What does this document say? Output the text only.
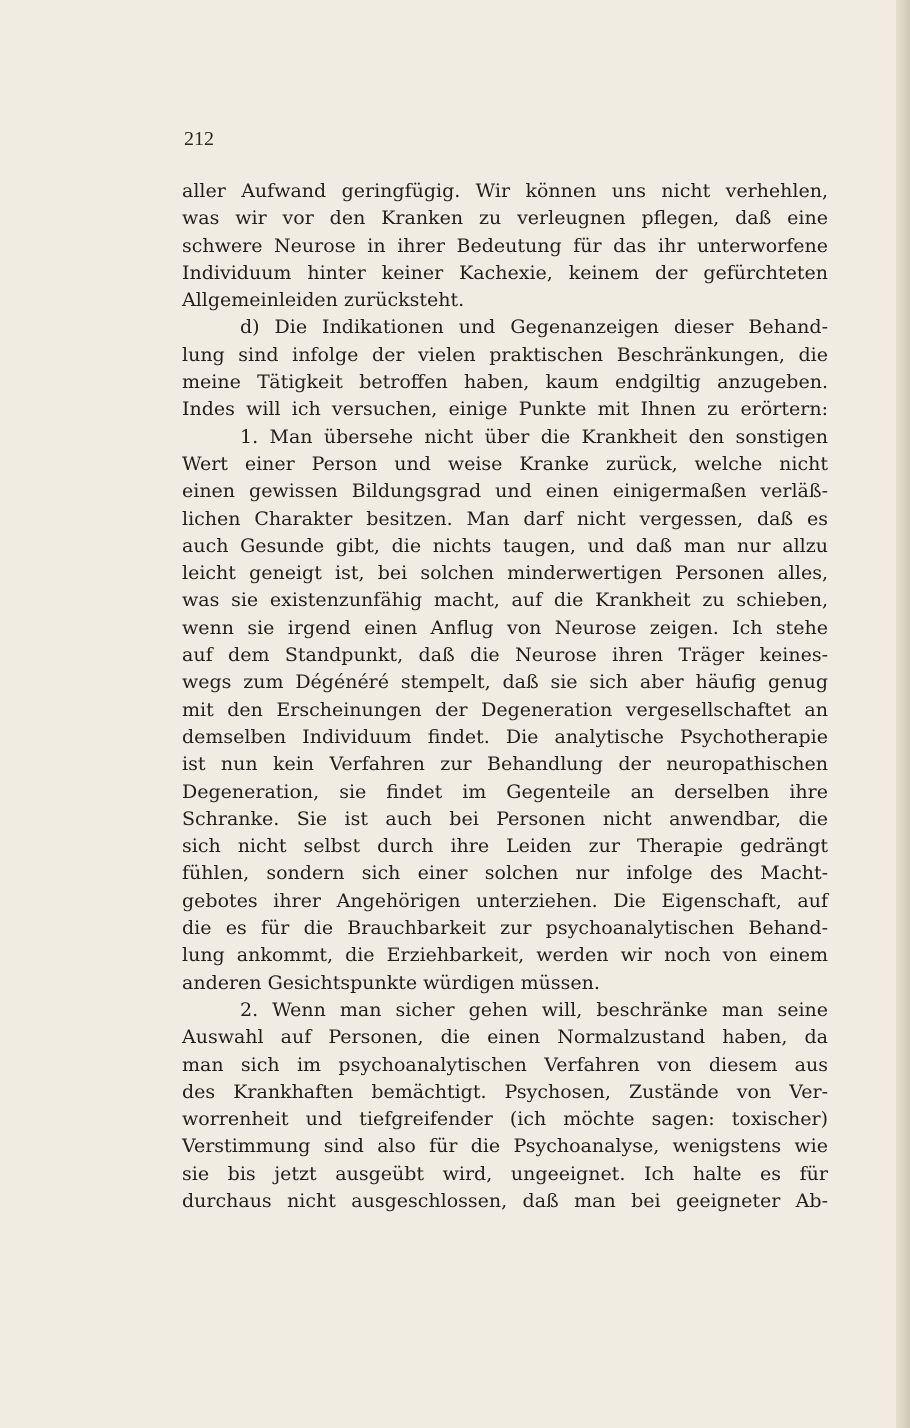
212
aller Aufwand geringfügig. Wir können uns nicht verhehlen,
was wir vor den Kranken zu verleugnen pflegen, daß eine
schwere Neurose in ihrer Bedeutung für das ihr unterworfene
Individuum hinter keiner Kachexie, keinem der gefürchteten
Allgemeinleiden zurücksteht.
d) Die Indikationen und Gegenanzeigen dieser Behand-
lung sind infolge der vielen praktischen Beschränkungen, die
meine Tätigkeit betroffen haben, kaum endgiltig anzugeben.
Indes will ich versuchen, einige Punkte mit Ihnen zu erörtern:
1. Man übersehe nicht über die Krankheit den sonstigen
Wert einer Person und weise Kranke zurück, welche nicht
einen gewissen Bildungsgrad und einen einigermaßen verläß-
lichen Charakter besitzen. Man darf nicht vergessen, daß es
auch Gesunde gibt, die nichts taugen, und daß man nur allzu
leicht geneigt ist, bei solchen minderwertigen Personen alles,
was sie existenzunfähig macht, auf die Krankheit zu schieben,
wenn sie irgend einen Anflug von Neurose zeigen. Ich stehe
auf dem Standpunkt, daß die Neurose ihren Träger keines-
wegs zum Dégénéré stempelt, daß sie sich aber häufig genug
mit den Erscheinungen der Degeneration vergesellschaftet an
demselben Individuum findet. Die analytische Psychotherapie
ist nun kein Verfahren zur Behandlung der neuropathischen
Degeneration, sie findet im Gegenteile an derselben ihre
Schranke. Sie ist auch bei Personen nicht anwendbar, die
sich nicht selbst durch ihre Leiden zur Therapie gedrängt
fühlen, sondern sich einer solchen nur infolge des Macht-
gebotes ihrer Angehörigen unterziehen. Die Eigenschaft, auf
die es für die Brauchbarkeit zur psychoanalytischen Behand-
lung ankommt, die Erziehbarkeit, werden wir noch von einem
anderen Gesichtspunkte würdigen müssen.
2. Wenn man sicher gehen will, beschränke man seine
Auswahl auf Personen, die einen Normalzustand haben, da
man sich im psychoanalytischen Verfahren von diesem aus
des Krankhaften bemächtigt. Psychosen, Zustände von Ver-
worrenheit und tiefgreifender (ich möchte sagen: toxischer)
Verstimmung sind also für die Psychoanalyse, wenigstens wie
sie bis jetzt ausgeübt wird, ungeeignet. Ich halte es für
durchaus nicht ausgeschlossen, daß man bei geeigneter Ab-
